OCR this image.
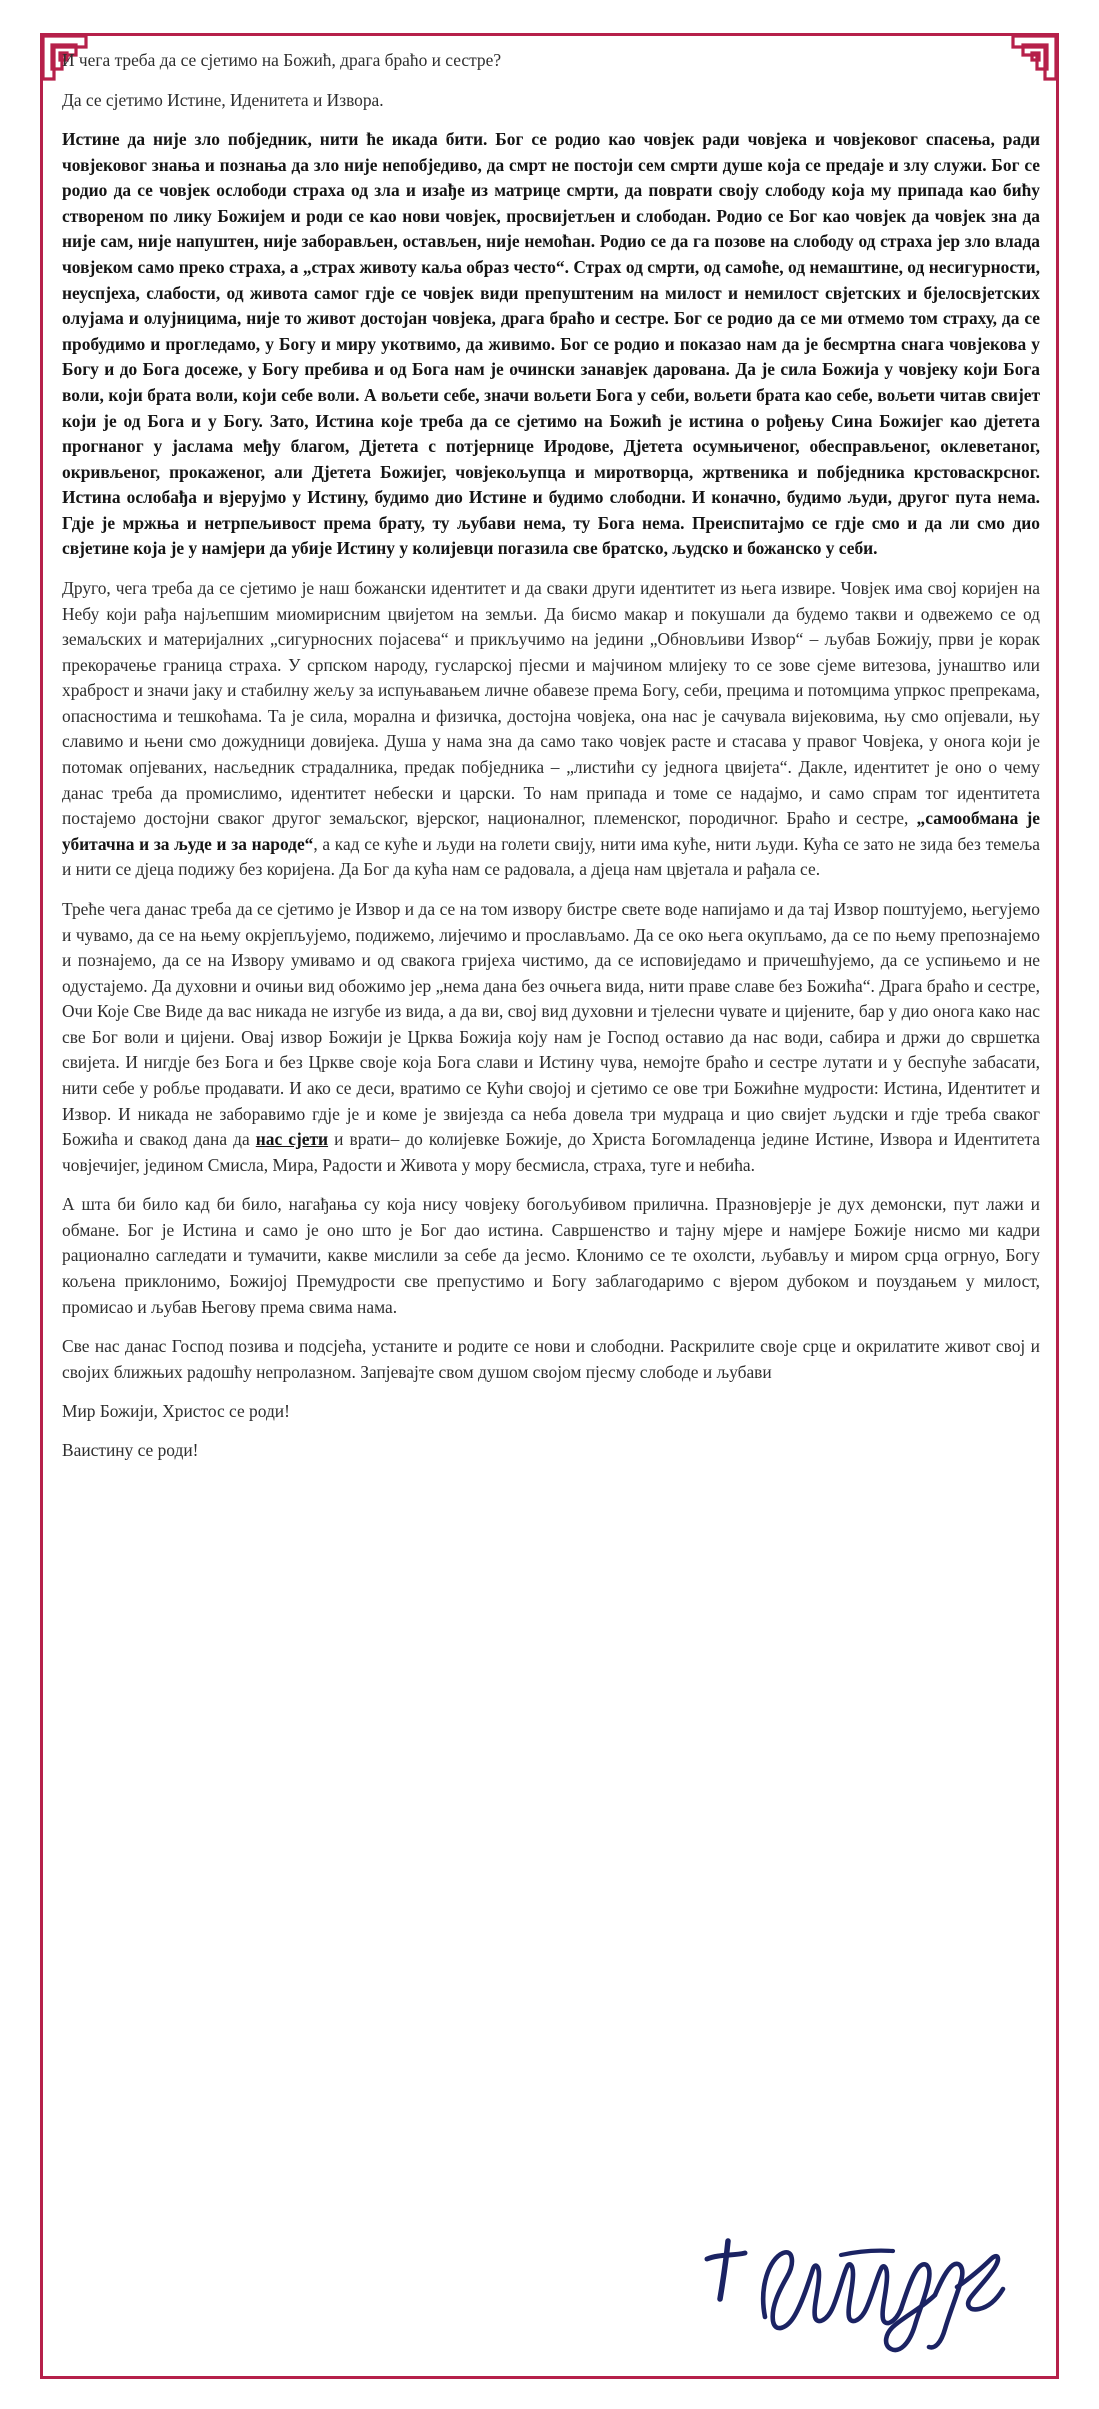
И чега треба да се сјетимо на Божић, драга браћо и сестре?

Да се сјетимо Истине, Иденитета и Извора.

Истине да није зло побједник, нити ће икада бити. Бог се родио као човјек ради човјека и човјековог спасења, ради човјековог знања и познања да зло није непобједиво, да смрт не постоји сем смрти душе која се предаје и злу служи. Бог се родио да се човјек ослободи страха од зла и изађе из матрице смрти, да поврати своју слободу која му припада као бићу створеном по лику Божијем и роди се као нови човјек, просвијетљен и слободан. Родио се Бог као човјек да човјек зна да није сам, није напуштен, није заборављен, остављен, није немоћан. Родио се да га позове на слободу од страха јер зло влада човјеком само преко страха, а „страх животу каља образ често“. Страх од смрти, од самоће, од немаштине, од несигурности, неуспјеха, слабости, од живота самог гдје се човјек види препуштеним на милост и немилост свјетских и бјелосвјетских олујама и олујницима, није то живот достојан човјека, драга браћо и сестре. Бог се родио да се ми отмемо том страху, да се пробудимо и прогледамо, у Богу и миру укотвимо, да живимо. Бог се родио и показао нам да је бесмртна снага човјекова у Богу и до Бога досеже, у Богу пребива и од Бога нам је очински занавјек дарована. Да је сила Божија у човјеку који Бога воли, који брата воли, који себе воли. А вољети себе, значи вољети Бога у себи, вољети брата као себе, вољети читав свијет који је од Бога и у Богу. Зато, Истина које треба да се сјетимо на Божић је истина о рођењу Сина Божијег као дјетета прогнаног у јаслама међу благом, Дјетета с потјернице Иродове, Дјетета осумњиченог, обесправљеног, оклеветаног, окривљеног, прокаженог, али Дјетета Божијег, човјекољупца и миротворца, жртвеника и побједника крстоваскрсног. Истина ослобађа и вјерујмо у Истину, будимо дио Истине и будимо слободни. И коначно, будимо људи, другог пута нема. Гдје је мржња и нетрпељивост према брату, ту љубави нема, ту Бога нема. Преиспитајмо се гдје смо и да ли смо дио свјетине која је у намјери да убије Истину у колијевци погазила све братско, људско и божанско у себи.

Друго, чега треба да се сјетимо је наш божански идентитет и да сваки други идентитет из њега извире. Човјек има свој коријен на Небу који рађа најљепшим миомирисним цвијетом на земљи. Да бисмо макар и покушали да будемо такви и одвежемо се од земаљских и материјалних „сигурносних појасева“ и прикључимо на једини „Обновљиви Извор“ – љубав Божију, први је корак прекорачење граница страха. У српском народу, гусларској пјесми и мајчином млијеку то се зове сјеме витезова, јунаштво или храброст и значи јаку и стабилну жељу за испуњавањем личне обавезе према Богу, себи, прецима и потомцима упркос препрекама, опасностима и тешкоћама. Та је сила, морална и физичка, достојна човјека, она нас је сачувала вијековима, њу смо опјевали, њу славимо и њени смо дожудници довијека. Душа у нама зна да само тако човјек расте и стасава у правог Човјека, у онога који је потомак опјеваних, насљедник страдалника, предак побједника – „листићи су једнога цвијета“. Дакле, идентитет је оно о чему данас треба да промислимо, идентитет небески и царски. То нам припада и томе се надајмо, и само спрам тог идентитета постајемо достојни сваког другог земаљског, вјерског, националног, племенског, породичног. Браћо и сестре, „самообмана је убитачна и за људе и за народе“, а кад се куће и људи на голети свију, нити има куће, нити људи. Кућа се зато не зида без темеља и нити се дјеца подижу без коријена. Да Бог да кућа нам се радовала, а дјеца нам цвјетала и рађала се.

Треће чега данас треба да се сјетимо је Извор и да се на том извору бистре свете воде напијамо и да тај Извор поштујемо, његујемо и чувамо, да се на њему окрјепљујемо, подижемо, лијечимо и прослављамо. Да се око њега окупљамо, да се по њему препознајемо и познајемо, да се на Извору умивамо и од свакога гријеха чистимо, да се исповиједамо и причешћујемо, да се успињемо и не одустајемо. Да духовни и очињи вид обожимо јер „нема дана без очњега вида, нити праве славе без Божића“. Драга браћо и сестре, Очи Које Све Виде да вас никада не изгубе из вида, а да ви, свој вид духовни и тјелесни чувате и цијените, бар у дио онога како нас све Бог воли и цијени. Овај извор Божији је Црква Божија коју нам је Господ оставио да нас води, сабира и држи до свршетка свијета. И нигдје без Бога и без Цркве своје која Бога слави и Истину чува, немојте браћо и сестре лутати и у беспуће забасати, нити себе у робље продавати. И ако се деси, вратимо се Кући својој и сјетимо се ове три Божићне мудрости: Истина, Идентитет и Извор. И никада не заборавимо гдје је и коме је звијезда са неба довела три мудраца и цио свијет људски и гдје треба сваког Божића и свакод дана да нас сјети и врати– до колијевке Божије, до Христа Богомладенца једине Истине, Извора и Идентитета човјечијег, једином Смисла, Мира, Радости и Живота у мору бесмисла, страха, туге и небића.

А шта би било кад би било, нагађања су која нису човјеку богољубивом прилична. Празновјерје је дух демонски, пут лажи и обмане. Бог је Истина и само је оно што је Бог дао истина. Савршенство и тајну мјере и намјере Божије нисмо ми кадри рационално сагледати и тумачити, какве мислили за себе да јесмо. Клонимо се те охолсти, љубављу и миром срца огрнуо, Богу кољена приклонимо, Божијој Премудрости све препустимо и Богу заблагодаримо с вјером дубоком и поуздањем у милост, промисао и љубав Његову према свима нама.

Све нас данас Господ позива и подсјећа, устаните и родите се нови и слободни. Раскрилите своје срце и окрилатите живот свој и својих ближњих радошћу непролазном. Запјевајте свом душом својом пјесму слободе и љубави

Мир Божији, Христос се роди!

Ваистину се роди!
